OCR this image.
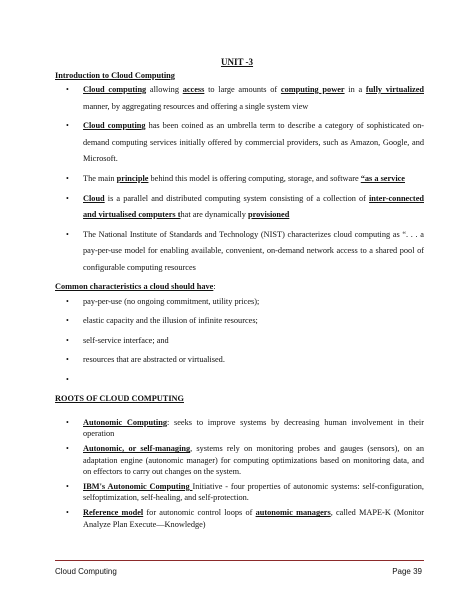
UNIT -3
Introduction to Cloud Computing
• Cloud computing allowing access to large amounts of computing power in a fully virtualized manner, by aggregating resources and offering a single system view
• Cloud computing has been coined as an umbrella term to describe a category of sophisticated on-demand computing services initially offered by commercial providers, such as Amazon, Google, and Microsoft.
• The main principle behind this model is offering computing, storage, and software “as a service
• Cloud is a parallel and distributed computing system consisting of a collection of inter-connected and virtualised computers that are dynamically provisioned
• The National Institute of Standards and Technology (NIST) characterizes cloud computing as “. . . a pay-per-use model for enabling available, convenient, on-demand network access to a shared pool of configurable computing resources
Common characteristics a cloud should have:
• pay-per-use (no ongoing commitment, utility prices);
• elastic capacity and the illusion of infinite resources;
• self-service interface; and
• resources that are abstracted or virtualised.
•
ROOTS OF CLOUD COMPUTING
• Autonomic Computing: seeks to improve systems by decreasing human involvement in their operation
• Autonomic, or self-managing, systems rely on monitoring probes and gauges (sensors), on an adaptation engine (autonomic manager) for computing optimizations based on monitoring data, and on effectors to carry out changes on the system.
• IBM's Autonomic Computing Initiative - four properties of autonomic systems: self-configuration, selfoptimization, self-healing, and self-protection.
• Reference model for autonomic control loops of autonomic managers, called MAPE-K (Monitor Analyze Plan Execute—Knowledge)
Cloud Computing	Page 39
